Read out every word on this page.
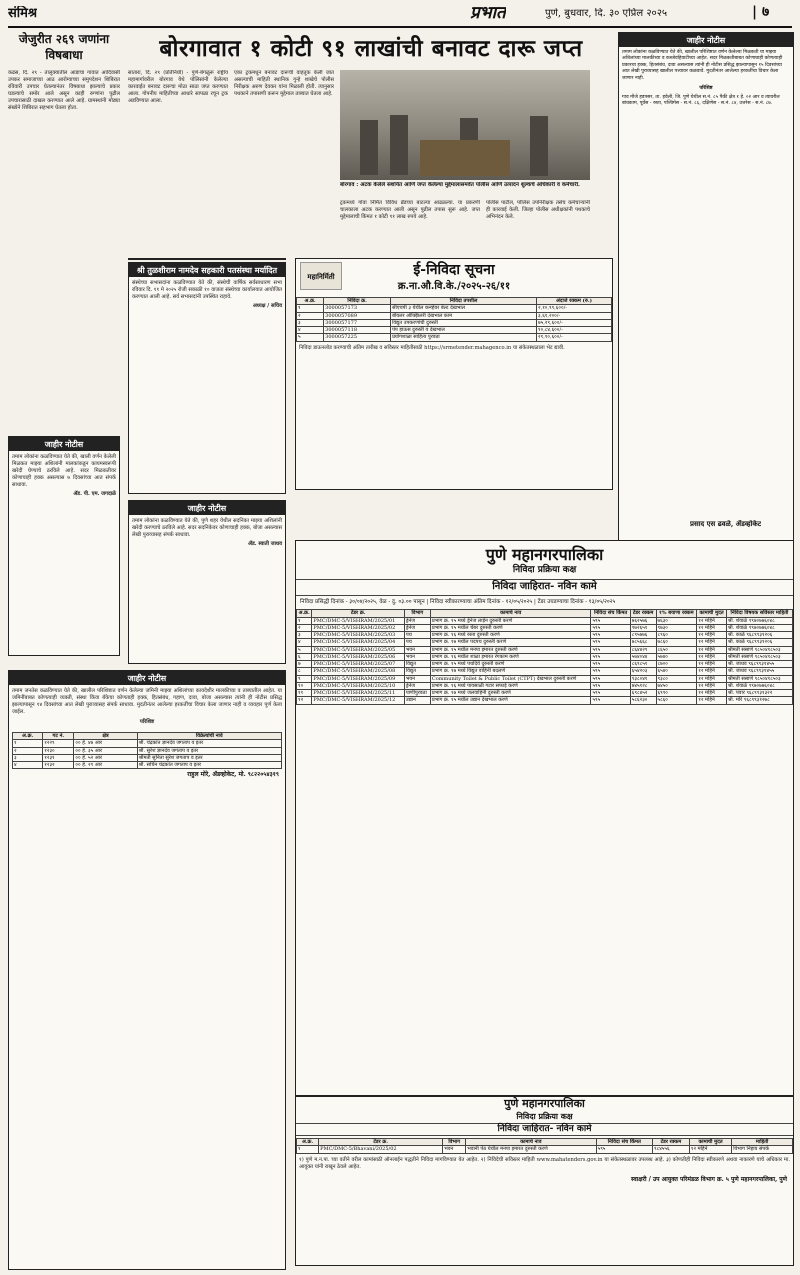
संमिश्र	प्रभात	पुणे, बुधवार, दि. ३० एप्रिल २०२५	| ७
जेजुरीत २६९ जणांना विषबाधा

कढस, दि. २९ - तालुक्यातील आडाचा गावात आदिवासी उपकर समाजाच्या आठ आरोग्याच्या समुपदेशन शिबिरात रविवारी उपचार घेतल्यानंतर विषबाधा झाल्याचे प्रकार घडल्याचे समोर आले असून काही रुग्णांना पुढील उपचारासाठी दाखल करण्यात आले आहे. ग्रामस्थांनी मोठ्या संख्येने शिबिरात सहभाग घेतला होता.

बोरगावात १ कोटी ९१ लाखांची बनावट दारू जप्त

सातारा, दि. २९ (प्रतिनिधी) - पुणे-बेंगळुरू राष्ट्रीय महामार्गावरील बोरगाव येथे पोलिसांनी केलेल्या कारवाईत बनावट दारूचा मोठा साठा जप्त करण्यात आला. गोपनीय माहितीच्या आधारे सापळा रचून ट्रक अडविण्यात आला.

एका ट्रकमधून बनावट दारूची वाहतूक केली जात असल्याची माहिती स्थानिक गुन्हे शाखेचे पोलीस निरीक्षक अरुण देवकर यांना मिळाली होती. त्यानुसार पथकाने तपासणी करून मुद्देमाल ताब्यात घेतला आहे.

ट्रकमध्ये गोवा निर्मित विविध ब्रँडच्या बाटल्या आढळल्या. या प्रकरणी चालकाला अटक करण्यात आली असून पुढील तपास सुरू आहे. जप्त मुद्देमालाची किंमत १ कोटी ९१ लाख रुपये आहे.

पोलीस पाटील, पोलिस उपनिरीक्षक तसेच कर्मचाऱ्यांनी ही कारवाई केली. जिल्हा पोलीस अधीक्षकांनी पथकाचे अभिनंदन केले.

बोरगाव : अटक केलेले संशयित आणि जप्त केलेल्या मुद्देमालासमवेत पोलीस आणि उत्पादन शुल्कचे अधिकारी व कर्मचारी.
जाहीर नोटीस

तमाम लोकांना कळविण्यात येते की, खालील परिशिष्टात वर्णन केलेल्या मिळकती या माझ्या अशिलांच्या मालकीच्या व कब्जेवहिवाटीच्या आहेत. सदर मिळकतीबाबत कोणाचाही कोणत्याही प्रकारचा हक्क, हितसंबंध, दावा असल्यास त्यांनी ही नोटीस प्रसिद्ध झाल्यापासून १५ दिवसांच्या आत लेखी पुराव्यासह खालील पत्त्यावर कळवावे. मुदतीनंतर आलेल्या हरकतींचा विचार केला जाणार नाही.

परिशिष्ट

गाव मौजे हडपसर, ता. हवेली, जि. पुणे येथील स.नं. ८५ पैकी क्षेत्र १ हे. ०२ आर व त्यावरील बांधकाम, पूर्वेस - रस्ता, पश्चिमेस - स.नं. ८६, दक्षिणेस - स.नं. ८४, उत्तरेस - स.नं. ८७.

प्रसाद एस ढवळे, ॲडव्होकेट
श्री तुळशीराम नामदेव सहकारी पतसंस्था मर्यादित

संस्थेच्या सभासदांना कळविण्यात येते की, संस्थेची वार्षिक सर्वसाधारण सभा रविवार दि. ११ मे २०२५ रोजी सकाळी १० वाजता संस्थेच्या कार्यालयात आयोजित करण्यात आली आहे. सर्व सभासदांनी उपस्थित राहावे.

अध्यक्ष / सचिव

महानिर्मिती	ई-निविदा सूचना
क्र.ना.औ.वि.के./२०२५-२६/११
अ.क्र.	निविदा क्र.	निविदा तपशील	अंदाजे रक्कम (रु.)
१	3000057173	सीएचपी ३ येथील कन्व्हेयर बेल्ट देखभाल	२,१०,९९,६००/-
२	3000057089	बॉयलर ऑक्झिलरी देखभाल काम	३,६१,२००/-
३	3000057177	विद्युत उपकरणांची दुरुस्ती	७५,२९,६००/-
४	3000057118	पंप हाऊस दुरुस्ती व देखभाल	१०,८४,६००/-
५	3000057225	प्रयोगशाळा साहित्य पुरवठा	२१,९०,६००/-

निविदा डाऊनलोड करण्याची अंतिम तारीख व सविस्तर माहितीसाठी https://srmetender.mahagenco.in या संकेतस्थळाला भेट द्यावी.

जाहीर नोटीस

तमाम लोकांना कळविण्यात येते की, खाली वर्णन केलेली मिळकत माझ्या अशिलांनी मालकांकडून कायमस्वरूपी खरेदी घेण्याचे ठरविले आहे. सदर मिळकतीवर कोणाचाही हक्क असल्यास ७ दिवसांच्या आत संपर्क साधावा.

ॲड. पी. एम. जगदाळे

जाहीर नोटीस

तमाम लोकांना कळविण्यात येते की, पुणे शहर येथील सदनिका माझ्या अशिलांनी खरेदी करण्याचे ठरविले आहे. सदर सदनिकेवर कोणाचाही हक्क, बोजा असल्यास लेखी पुराव्यासह संपर्क साधावा.

ॲड. स्वाती जाधव

पुणे महानगरपालिका
निविदा प्रक्रिया कक्ष
निविदा जाहिरात- नविन कामे
निविदा प्रसिद्धी दिनांक - ३०/०४/२०२५, वेळ - दु. ०३.०० पासून | निविदा स्वीकारण्याचा अंतिम दिनांक - १२/०५/२०२५ | टेंडर उघडण्याचा दिनांक - १३/०५/२०२५
अ.क्र.	टेंडर क्र.	विभाग	कामाचे नाव	निविदा संच किंमत	टेंडर रक्कम	१% बयाणा रक्कम	कामाची मुदत	निविदा विषयक सविस्तर माहिती
१	PMC/DMC-5/VISHRAM/2025/01	ड्रेनेज	प्रभाग क्र. १५ मध्ये ड्रेनेज लाईन दुरुस्ती करणे	५९५	७६२५७६	७६३०	१२ महिने	श्री. शेवाळे ९९७०७७६०४८
२	PMC/DMC-5/VISHRAM/2025/02	ड्रेनेज	प्रभाग क्र. १५ मधील चेंबर दुरुस्ती करणे	५९५	९७२६५१	९७३०	१२ महिने	श्री. शेवाळे ९९७०७७६०४८
३	PMC/DMC-5/VISHRAM/2025/03	पथ	प्रभाग क्र. १६ मध्ये रस्ता दुरुस्ती करणे	५९५	८९५७७६	८९६०	१२ महिने	श्री. काळे ९६८९९३१२०६
४	PMC/DMC-5/VISHRAM/2025/04	पथ	प्रभाग क्र. १७ मधील पदपथ दुरुस्ती करणे	५९५	७८५६६८	७८६०	१२ महिने	श्री. काळे ९६८९९३१२०६
५	PMC/DMC-5/VISHRAM/2025/05	भवन	प्रभाग क्र. १५ मधील मनपा इमारत दुरुस्ती करणे	५९५	८६४४२९	८६५०	१२ महिने	श्रीमती ससाणे ९८५०४१८५०३
६	PMC/DMC-5/VISHRAM/2025/06	भवन	प्रभाग क्र. १६ मधील शाळा इमारत रंगकाम करणे	५९५	५७४०४४	५७४०	१२ महिने	श्रीमती ससाणे ९८५०४१८५०३
७	PMC/DMC-5/VISHRAM/2025/07	विद्युत	प्रभाग क्र. १५ मध्ये पथदिवे दुरुस्ती करणे	५९५	८६९८५१	८७००	१२ महिने	श्री. जाधव ९६८९९३१४५५
८	PMC/DMC-5/VISHRAM/2025/08	विद्युत	प्रभाग क्र. १७ मध्ये विद्युत वाहिनी बदलणे	५९५	६५४२०३	६५४०	१२ महिने	श्री. जाधव ९६८९९३१४५५
९	PMC/DMC-5/VISHRAM/2025/09	भवन	Community Toilet & Public Toilet (CTPT) देखभाल दुरुस्ती करणे	५९५	९३८०४१	९३८०	१२ महिने	श्रीमती ससाणे ९८५०४१८५०३
१०	PMC/DMC-5/VISHRAM/2025/10	ड्रेनेज	प्रभाग क्र. १६ मध्ये पावसाळी गटार सफाई करणे	५९५	७४५१२८	७४५०	१२ महिने	श्री. शेवाळे ९९७०७७६०४८
११	PMC/DMC-5/VISHRAM/2025/11	पाणीपुरवठा	प्रभाग क्र. १७ मध्ये जलवाहिनी दुरुस्ती करणे	५९५	६९८४५२	६९९०	१२ महिने	श्री. पवार ९६८९९३१३२२
१२	PMC/DMC-5/VISHRAM/2025/12	उद्यान	प्रभाग क्र. १५ मधील उद्यान देखभाल करणे	५९५	५८६२३०	५८६०	१२ महिने	श्री. मोरे ९६८९९३१२७८
पुणे महानगरपालिका
निविदा प्रक्रिया कक्ष
निविदा जाहिरात- नविन कामे
अ.क्र.	टेंडर क्र.	विभाग	कामाचे नाव	निविदा संच किंमत	टेंडर रक्कम	कामाची मुदत	माहिती
१	PMC/DMC-5/Bhavani/2025/02	भवन	भवानी पेठ येथील मनपा इमारत दुरुस्ती करणे	५९५	९८४५५६	१२ महिने	विभाग निहाय संपर्क

१) पुणे म.न.पा. च्या वतीने वरील कामांसाठी ऑनलाईन पद्धतीने निविदा मागविण्यात येत आहेत. २) निविदेची सविस्तर माहिती www.mahatenders.gov.in या संकेतस्थळावर उपलब्ध आहे. ३) कोणतीही निविदा स्वीकारणे अथवा नाकारणे याचे अधिकार मा. आयुक्त यांनी राखून ठेवले आहेत.

स्वाक्षरी / उप आयुक्त परिमंडळ विभाग क्र. ५ पुणे महानगरपालिका, पुणे
जाहीर नोटीस

तमाम जनतेस कळविण्यात येते की, खालील परिशिष्टात वर्णन केलेल्या जमिनी माझ्या अशिलांच्या कायदेशीर मालकीच्या व ताब्यातील आहेत. या जमिनींबाबत कोणत्याही व्यक्ती, संस्था किंवा बँकेचा कोणताही हक्क, हितसंबंध, गहाण, दावा, बोजा असल्यास त्यांनी ही नोटीस प्रसिद्ध झाल्यापासून १४ दिवसांच्या आत लेखी पुराव्यासह संपर्क साधावा. मुदतीनंतर आलेल्या हरकतींचा विचार केला जाणार नाही व व्यवहार पूर्ण केला जाईल.

परिशिष्ट

अ.क्र.	गट नं.	क्षेत्र	विक्रेत्यांची नावे
१	१२२९	०० हे. ४७ आर	श्री. चंद्रकांत ज्ञानदेव जगताप व इतर
२	१२३०	०० हे. ३५ आर	श्री. सुरेश ज्ञानदेव जगताप व इतर
३	१२३१	०० हे. ५२ आर	श्रीमती सुनिता सुरेश जगताप व इतर
४	१२३२	०० हे. २९ आर	श्री. सचिन चंद्रकांत जगताप व इतर
राहुल मोरे, ॲडव्होकेट, मो. ९८२२०५४३१९
